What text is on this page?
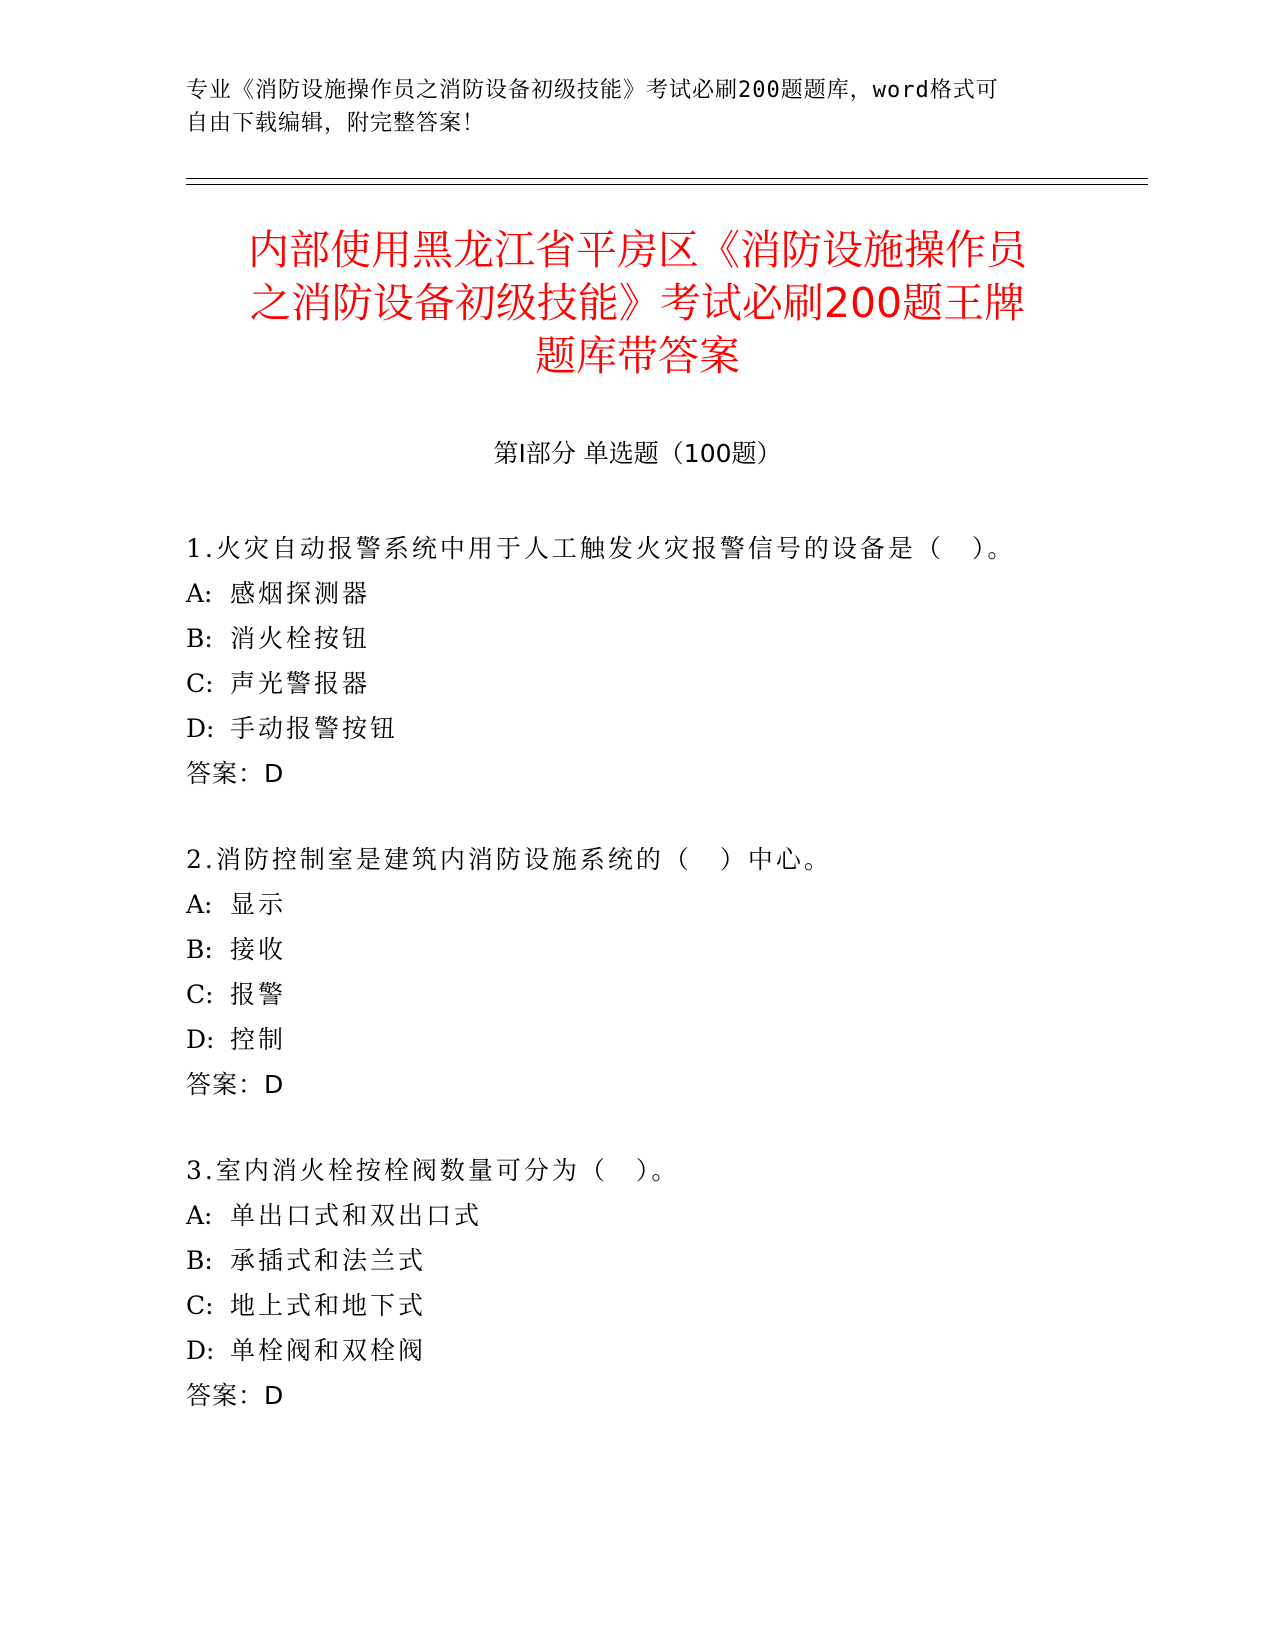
专业《消防设施操作员之消防设备初级技能》考试必刷200题题库，word格式可
自由下载编辑，附完整答案！
内部使用黑龙江省平房区《消防设施操作员
之消防设备初级技能》考试必刷200题王牌
题库带答案
第Ⅰ部分 单选题（100题）
1.火灾自动报警系统中用于人工触发火灾报警信号的设备是（　）。
A: 感烟探测器
B: 消火栓按钮
C: 声光警报器
D: 手动报警按钮
答案：D
2.消防控制室是建筑内消防设施系统的（　）中心。
A: 显示
B: 接收
C: 报警
D: 控制
答案：D
3.室内消火栓按栓阀数量可分为（　）。
A: 单出口式和双出口式
B: 承插式和法兰式
C: 地上式和地下式
D: 单栓阀和双栓阀
答案：D
